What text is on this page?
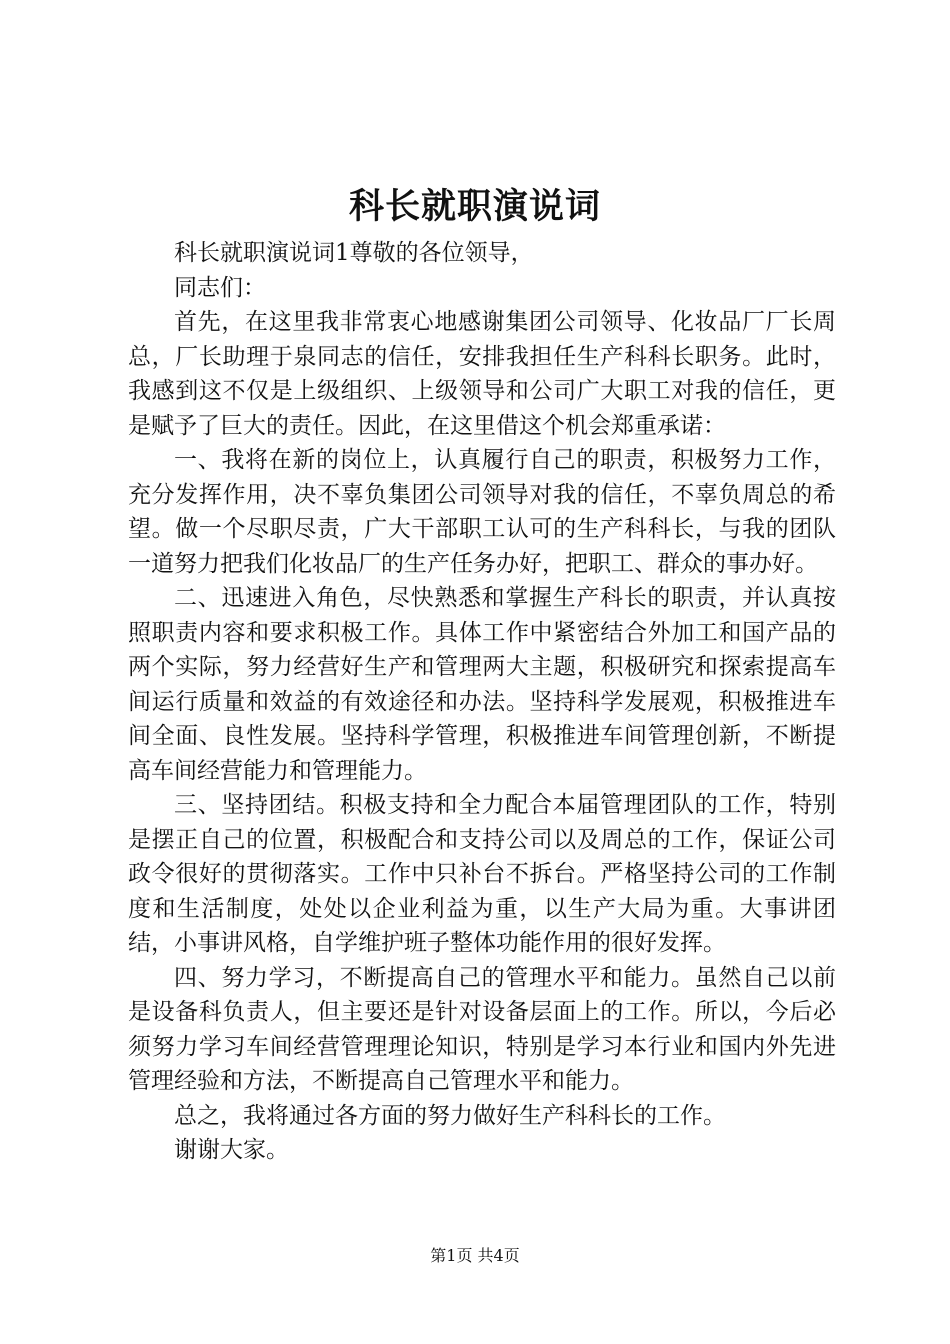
科长就职演说词

科长就职演说词1尊敬的各位领导，

同志们：

首先，在这里我非常衷心地感谢集团公司领导、化妆品厂厂长周总，厂长助理于泉同志的信任，安排我担任生产科科长职务。此时，我感到这不仅是上级组织、上级领导和公司广大职工对我的信任，更是赋予了巨大的责任。因此，在这里借这个机会郑重承诺：

一、我将在新的岗位上，认真履行自己的职责，积极努力工作，充分发挥作用，决不辜负集团公司领导对我的信任，不辜负周总的希望。做一个尽职尽责，广大干部职工认可的生产科科长，与我的团队一道努力把我们化妆品厂的生产任务办好，把职工、群众的事办好。

二、迅速进入角色，尽快熟悉和掌握生产科长的职责，并认真按照职责内容和要求积极工作。具体工作中紧密结合外加工和国产品的两个实际，努力经营好生产和管理两大主题，积极研究和探索提高车间运行质量和效益的有效途径和办法。坚持科学发展观，积极推进车间全面、良性发展。坚持科学管理，积极推进车间管理创新，不断提高车间经营能力和管理能力。

三、坚持团结。积极支持和全力配合本届管理团队的工作，特别是摆正自己的位置，积极配合和支持公司以及周总的工作，保证公司政令很好的贯彻落实。工作中只补台不拆台。严格坚持公司的工作制度和生活制度，处处以企业利益为重，以生产大局为重。大事讲团结，小事讲风格，自学维护班子整体功能作用的很好发挥。

四、努力学习，不断提高自己的管理水平和能力。虽然自己以前是设备科负责人，但主要还是针对设备层面上的工作。所以，今后必须努力学习车间经营管理理论知识，特别是学习本行业和国内外先进管理经验和方法，不断提高自己管理水平和能力。

总之，我将通过各方面的努力做好生产科科长的工作。

谢谢大家。

第1页 共4页
